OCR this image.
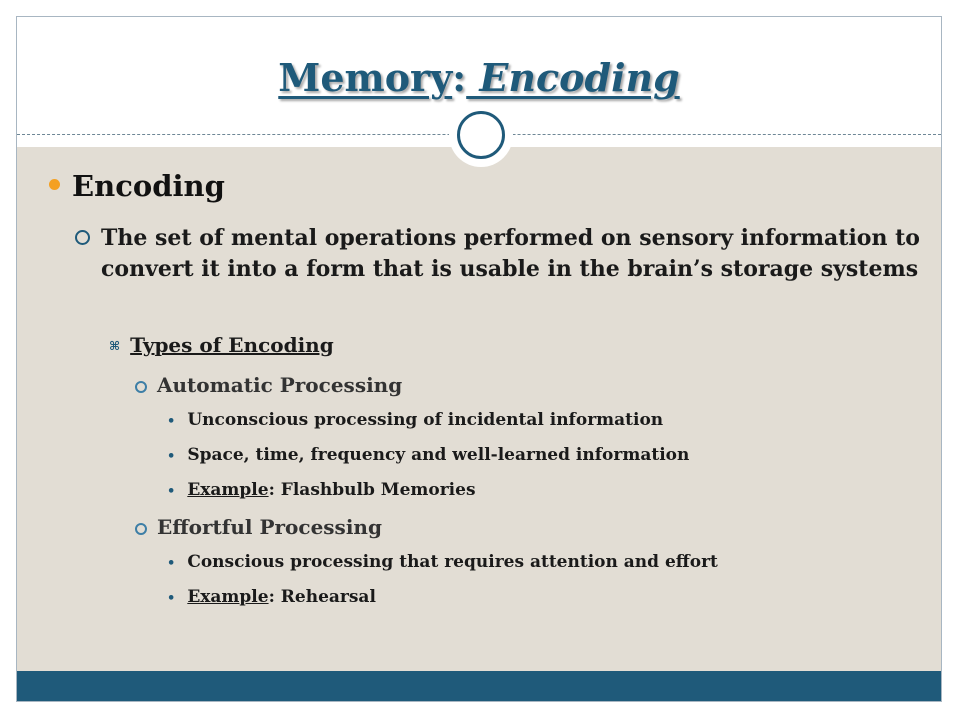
Memory: Encoding
Encoding
The set of mental operations performed on sensory information to convert it into a form that is usable in the brain’s storage systems
⌘ Types of Encoding
Automatic Processing
• Unconscious processing of incidental information
• Space, time, frequency and well-learned information
• Example: Flashbulb Memories
Effortful Processing
• Conscious processing that requires attention and effort
• Example: Rehearsal
